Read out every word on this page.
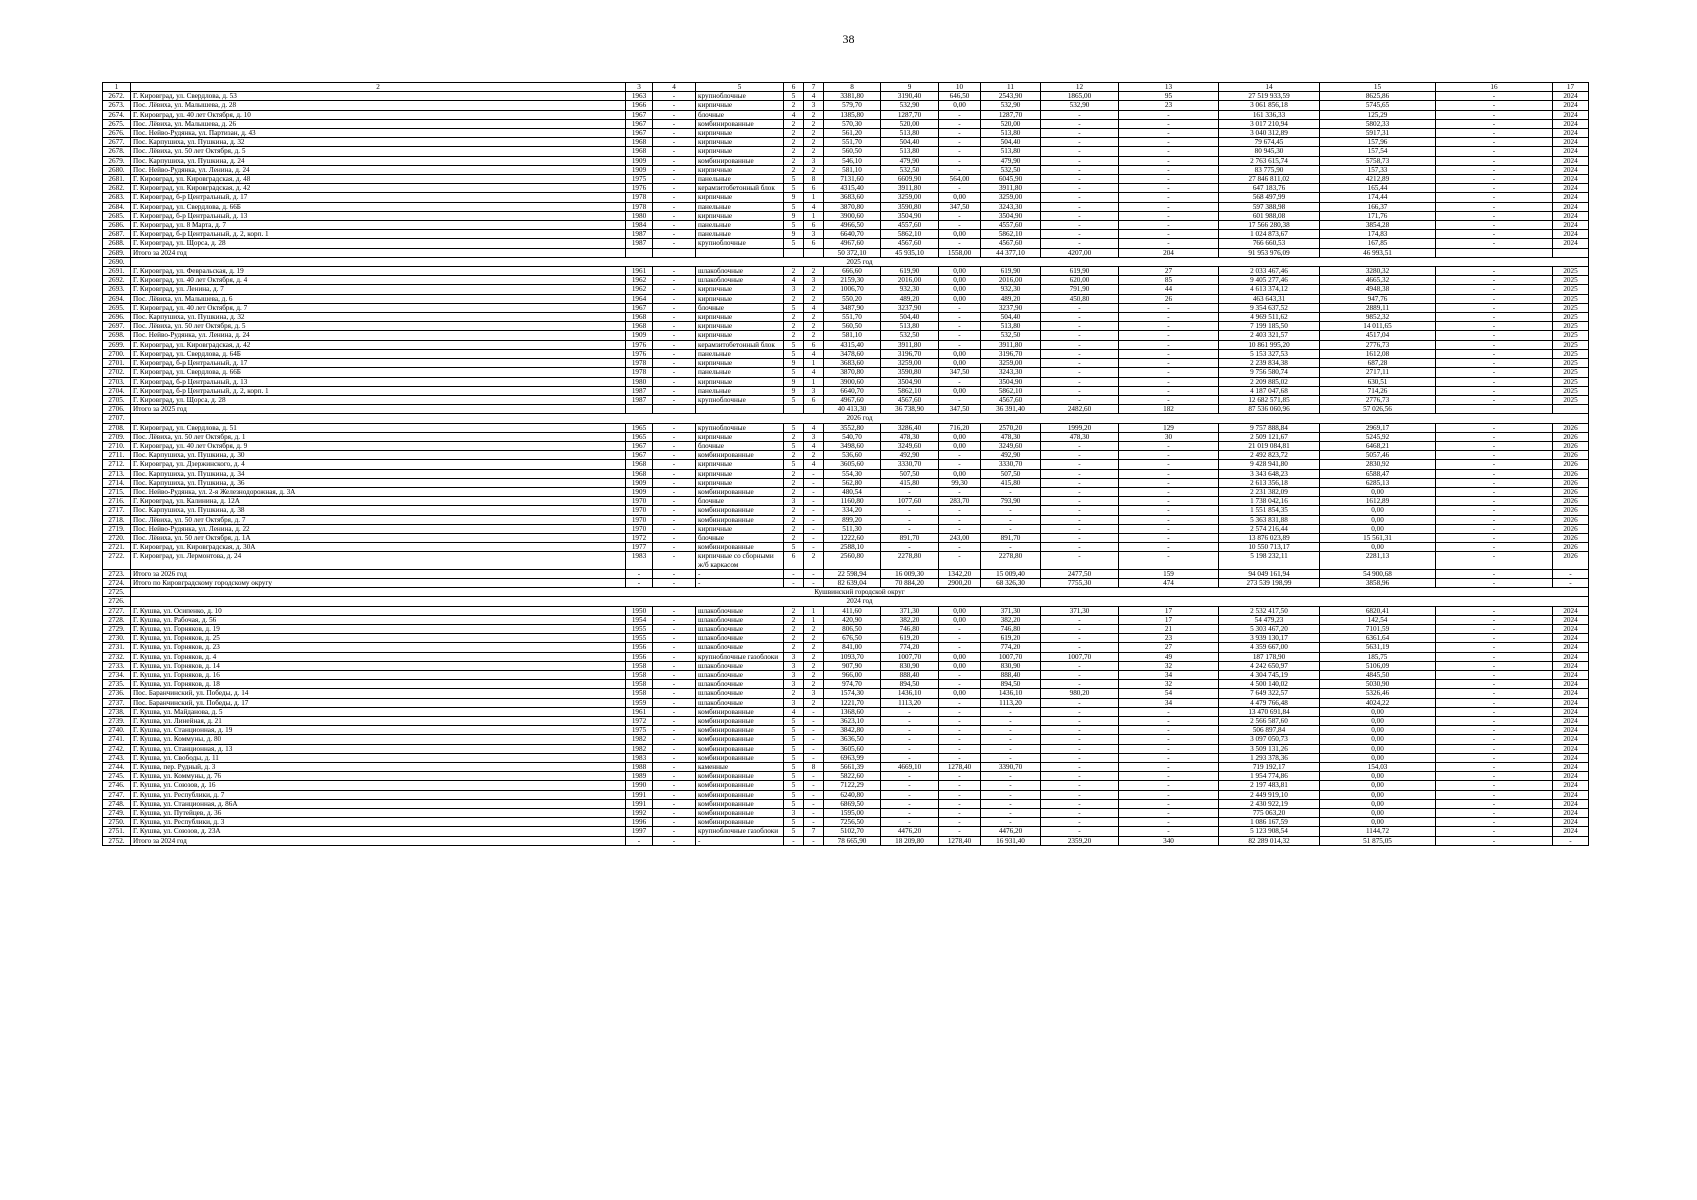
38
1	2	3	4	5	6	7	8	9	10	11	12	13	14	15	16	17
2672.	Г. Кировград, ул. Свердлова, д. 53	1963	-	крупноблочные	5	4	3381,80	3190,40	646,50	2543,90	1865,00	95	27 519 933,59	8625,86	-	2024
2673.	Пос. Лёвиха, ул. Малышева, д. 28	1966	-	кирпичные	2	3	579,70	532,90	0,00	532,90	532,90	23	3 061 856,18	5745,65	-	2024
2674.	Г. Кировград, ул. 40 лет Октября, д. 10	1967	-	блочные	4	2	1385,80	1287,70	-	1287,70	-	-	161 336,33	125,29	-	2024
2675.	Пос. Лёвиха, ул. Малышева, д. 26	1967	-	комбинированные	2	2	570,30	520,00	-	520,00	-	-	3 017 210,94	5802,33	-	2024
2676.	Пос. Нейво-Рудянка, ул. Партизан, д. 43	1967	-	кирпичные	2	2	561,20	513,80	-	513,80	-	-	3 040 312,89	5917,31	-	2024
2677.	Пос. Карпушиха, ул. Пушкина, д. 32	1968	-	кирпичные	2	2	551,70	504,40	-	504,40	-	-	79 674,45	157,96	-	2024
2678.	Пос. Лёвиха, ул. 50 лет Октября, д. 5	1968	-	кирпичные	2	2	560,50	513,80	-	513,80	-	-	80 945,30	157,54	-	2024
2679.	Пос. Карпушиха, ул. Пушкина, д. 24	1909	-	комбинированные	2	3	546,10	479,90	-	479,90	-	-	2 763 615,74	5758,73	-	2024
2680.	Пос. Нейво-Рудянка, ул. Ленина, д. 24	1909	-	кирпичные	2	2	581,10	532,50	-	532,50	-	-	83 775,90	157,33	-	2024
2681.	Г. Кировград, ул. Кировградская, д. 48	1975	-	панельные	5	8	7131,60	6609,90	564,00	6045,90	-	-	27 846 811,02	4212,89	-	2024
2682.	Г. Кировград, ул. Кировградская, д. 42	1976	-	керамзитобетонный блок	5	6	4315,40	3911,80	-	3911,80	-	-	647 183,76	165,44	-	2024
2683.	Г. Кировград, б-р Центральный, д. 17	1978	-	кирпичные	9	1	3683,60	3259,00	0,00	3259,00	-	-	568 497,99	174,44	-	2024
2684.	Г. Кировград, ул. Свердлова, д. 66Б	1978	-	панельные	5	4	3870,80	3590,80	347,50	3243,30	-	-	597 388,98	166,37	-	2024
2685.	Г. Кировград, б-р Центральный, д. 13	1980	-	кирпичные	9	1	3900,60	3504,90	-	3504,90	-	-	601 988,08	171,76	-	2024
2686.	Г. Кировград, ул. 8 Марта, д. 7	1984	-	панельные	5	6	4966,50	4557,60	-	4557,60	-	-	17 566 280,38	3854,28	-	2024
2687.	Г. Кировград, б-р Центральный, д. 2, корп. 1	1987	-	панельные	9	3	6640,70	5862,10	0,00	5862,10	-	-	1 024 873,67	174,83	-	2024
2688.	Г. Кировград, ул. Щорса, д. 28	1987	-	крупноблочные	5	6	4967,60	4567,60	-	4567,60	-	-	766 660,53	167,85	-	2024
2689.	Итого за 2024 год						50 372,10	45 935,10	1558,00	44 377,10	4207,00	204	91 953 976,09	46 993,51		
2690.	2025 год															
2691.	Г. Кировград, ул. Февральская, д. 19	1961	-	шлакоблочные	2	2	666,60	619,90	0,00	619,90	619,90	27	2 033 467,46	3280,32	-	2025
2692.	Г. Кировград, ул. 40 лет Октября, д. 4	1962	-	шлакоблочные	4	3	2159,30	2016,00	0,00	2016,00	620,00	85	9 405 277,46	4665,32	-	2025
2693.	Г. Кировград, ул. Ленина, д. 7	1962	-	кирпичные	3	2	1006,70	932,30	0,00	932,30	791,90	44	4 613 374,12	4948,38	-	2025
2694.	Пос. Лёвиха, ул. Малышева, д. 6	1964	-	кирпичные	2	2	550,20	489,20	0,00	489,20	450,80	26	463 643,31	947,76	-	2025
2695.	Г. Кировград, ул. 40 лет Октября, д. 7	1967	-	блочные	5	4	3487,90	3237,90	-	3237,90	-	-	9 354 637,52	2889,11	-	2025
2696.	Пос. Карпушиха, ул. Пушкина, д. 32	1968	-	кирпичные	2	2	551,70	504,40	-	504,40	-	-	4 969 511,62	9852,32	-	2025
2697.	Пос. Лёвиха, ул. 50 лет Октября, д. 5	1968	-	кирпичные	2	2	560,50	513,80	-	513,80	-	-	7 199 185,50	14 011,65	-	2025
2698.	Пос. Нейво-Рудянка, ул. Ленина, д. 24	1909	-	кирпичные	2	2	581,10	532,50	-	532,50	-	-	2 403 321,57	4517,04	-	2025
2699.	Г. Кировград, ул. Кировградская, д. 42	1976	-	керамзитобетонный блок	5	6	4315,40	3911,80	-	3911,80	-	-	10 861 995,20	2776,73	-	2025
2700.	Г. Кировград, ул. Свердлова, д. 64Б	1976	-	панельные	5	4	3478,60	3196,70	0,00	3196,70	-	-	5 153 327,53	1612,08	-	2025
2701.	Г. Кировград, б-р Центральный, д. 17	1978	-	кирпичные	9	1	3683,60	3259,00	0,00	3259,00	-	-	2 239 834,38	687,28	-	2025
2702.	Г. Кировград, ул. Свердлова, д. 66Б	1978	-	панельные	5	4	3870,80	3590,80	347,50	3243,30	-	-	9 756 580,74	2717,11	-	2025
2703.	Г. Кировград, б-р Центральный, д. 13	1980	-	кирпичные	9	1	3900,60	3504,90	-	3504,90	-	-	2 209 885,02	630,51	-	2025
2704.	Г. Кировград, б-р Центральный, д. 2, корп. 1	1987	-	панельные	9	3	6640,70	5862,10	0,00	5862,10	-	-	4 187 047,68	714,26	-	2025
2705.	Г. Кировград, ул. Щорса, д. 28	1987	-	крупноблочные	5	6	4967,60	4567,60	-	4567,60	-	-	12 682 571,85	2776,73	-	2025
2706.	Итого за 2025 год						40 413,30	36 738,90	347,50	36 391,40	2482,60	182	87 536 060,96	57 026,56		
2707.	2026 год															
2708.	Г. Кировград, ул. Свердлова, д. 51	1965	-	крупноблочные	5	4	3552,80	3286,40	716,20	2570,20	1999,20	129	9 757 888,84	2969,17	-	2026
2709.	Пос. Лёвиха, ул. 50 лет Октября, д. 1	1965	-	кирпичные	2	3	540,70	478,30	0,00	478,30	478,30	30	2 509 121,67	5245,92	-	2026
2710.	Г. Кировград, ул. 40 лет Октября, д. 9	1967	-	блочные	5	4	3498,60	3249,60	0,00	3249,60	-	-	21 019 084,81	6468,21	-	2026
2711.	Пос. Карпушиха, ул. Пушкина, д. 30	1967	-	комбинированные	2	2	536,60	492,90	-	492,90	-	-	2 492 823,72	5057,46	-	2026
2712.	Г. Кировград, ул. Дзержинского, д. 4	1968	-	кирпичные	5	4	3605,60	3330,70	-	3330,70	-	-	9 428 941,80	2830,92	-	2026
2713.	Пос. Карпушиха, ул. Пушкина, д. 34	1968	-	кирпичные	2	-	554,30	507,50	0,00	507,50	-	-	3 343 648,23	6588,47	-	2026
2714.	Пос. Карпушиха, ул. Пушкина, д. 36	1909	-	кирпичные	2	-	562,80	415,80	99,30	415,80	-	-	2 613 356,18	6285,13	-	2026
2715.	Пос. Нейво-Рудянка, ул. 2-я Железнодорожная, д. 3А	1909	-	комбинированные	2	-	480,54	-	-	-	-	-	2 231 382,09	0,00	-	2026
2716.	Г. Кировград, ул. Калинина, д. 12А	1970	-	блочные	3	-	1160,80	1077,60	283,70	793,90	-	-	1 738 042,16	1612,89	-	2026
2717.	Пос. Карпушиха, ул. Пушкина, д. 38	1970	-	комбинированные	2	-	334,20	-	-	-	-	-	1 551 854,35	0,00	-	2026
2718.	Пос. Лёвиха, ул. 50 лет Октября, д. 7	1970	-	комбинированные	2	-	899,20	-	-	-	-	-	5 363 831,88	0,00	-	2026
2719.	Пос. Нейво-Рудянка, ул. Ленина, д. 22	1970	-	кирпичные	2	-	511,30	-	-	-	-	-	2 574 216,44	0,00	-	2026
2720.	Пос. Лёвиха, ул. 50 лет Октября, д. 1А	1972	-	блочные	2	-	1222,60	891,70	243,00	891,70	-	-	13 876 023,89	15 561,31	-	2026
2721.	Г. Кировград, ул. Кировградская, д. 30А	1977	-	комбинированные	5	-	2588,10	-	-	-	-	-	10 550 713,17	0,00	-	2026
2722.	Г. Кировград, ул. Лермонтова, д. 24	1983	-	кирпичные со сборными ж/б каркасом	6	2	2560,80	2278,80	-	2278,80	-	-	5 198 232,11	2281,13	-	2026
2723.	Итого за 2026 год	-	-	-	-	-	22 598,94	16 009,30	1342,20	15 009,40	2477,50	159	94 049 161,94	54 900,68	-	-
2724.	Итого по Кировградскому городскому округу	-	-	-	-	-	82 639,04	70 884,20	2900,20	68 326,30	7755,30	474	273 539 198,99	3858,96	-	-
2725.	Кушвинский городской округ															
2726.	2024 год															
2727.	Г. Кушва, ул. Осипенко, д. 10	1950	-	шлакоблочные	2	1	411,60	371,30	0,00	371,30	371,30	17	2 532 417,50	6820,41	-	2024
2728.	Г. Кушва, ул. Рабочая, д. 56	1954	-	шлакоблочные	2	1	420,90	382,20	0,00	382,20	-	17	54 479,23	142,54	-	2024
2729.	Г. Кушва, ул. Горняков, д. 19	1955	-	шлакоблочные	2	2	806,50	746,80	-	746,80	-	21	5 303 467,20	7101,59	-	2024
2730.	Г. Кушва, ул. Горняков, д. 25	1955	-	шлакоблочные	2	2	676,50	619,20	-	619,20	-	23	3 939 130,17	6361,64	-	2024
2731.	Г. Кушва, ул. Горняков, д. 23	1956	-	шлакоблочные	2	2	841,00	774,20	-	774,20	-	27	4 359 667,00	5631,19	-	2024
2732.	Г. Кушва, ул. Горняков, д. 4	1956	-	крупноблочные газоблоки	3	2	1093,70	1007,70	0,00	1007,70	1007,70	49	187 178,90	185,75	-	2024
2733.	Г. Кушва, ул. Горняков, д. 14	1958	-	шлакоблочные	3	2	907,90	830,90	0,00	830,90	-	32	4 242 650,97	5106,09	-	2024
2734.	Г. Кушва, ул. Горняков, д. 16	1958	-	шлакоблочные	3	2	966,00	888,40	-	888,40	-	34	4 304 745,19	4845,50	-	2024
2735.	Г. Кушва, ул. Горняков, д. 18	1958	-	шлакоблочные	3	2	974,70	894,50	-	894,50	-	32	4 500 140,02	5030,90	-	2024
2736.	Пос. Баранчинский, ул. Победы, д. 14	1958	-	шлакоблочные	2	3	1574,30	1436,10	0,00	1436,10	980,20	54	7 649 322,57	5326,46	-	2024
2737.	Пос. Баранчинский, ул. Победы, д. 17	1959	-	шлакоблочные	3	2	1221,70	1113,20	-	1113,20	-	34	4 479 766,48	4024,22	-	2024
2738.	Г. Кушва, ул. Майданова, д. 5	1961	-	комбинированные	4	-	1368,60	-	-	-	-	-	13 470 691,84	0,00	-	2024
2739.	Г. Кушва, ул. Линейная, д. 21	1972	-	комбинированные	5	-	3623,10	-	-	-	-	-	2 566 587,60	0,00	-	2024
2740.	Г. Кушва, ул. Станционная, д. 19	1975	-	комбинированные	5	-	3842,80	-	-	-	-	-	506 897,84	0,00	-	2024
2741.	Г. Кушва, ул. Коммуны, д. 80	1982	-	комбинированные	5	-	3636,50	-	-	-	-	-	3 097 050,73	0,00	-	2024
2742.	Г. Кушва, ул. Станционная, д. 13	1982	-	комбинированные	5	-	3605,60	-	-	-	-	-	3 509 131,26	0,00	-	2024
2743.	Г. Кушва, ул. Свободы, д. 11	1983	-	комбинированные	5	-	6963,99	-	-	-	-	-	1 293 378,36	0,00	-	2024
2744.	Г. Кушва, пер. Рудный, д. 3	1988	-	каменные	5	8	5661,39	4669,10	1278,40	3390,70	-	-	719 192,17	154,03	-	2024
2745.	Г. Кушва, ул. Коммуны, д. 76	1989	-	комбинированные	5	-	5822,60	-	-	-	-	-	1 954 774,86	0,00	-	2024
2746.	Г. Кушва, ул. Союзов, д. 16	1990	-	комбинированные	5	-	7122,29	-	-	-	-	-	2 197 483,81	0,00	-	2024
2747.	Г. Кушва, ул. Республики, д. 7	1991	-	комбинированные	5	-	6240,80	-	-	-	-	-	2 449 919,10	0,00	-	2024
2748.	Г. Кушва, ул. Станционная, д. 86А	1991	-	комбинированные	5	-	6869,50	-	-	-	-	-	2 430 922,19	0,00	-	2024
2749.	Г. Кушва, ул. Путейцев, д. 36	1992	-	комбинированные	3	-	1595,00	-	-	-	-	-	775 063,20	0,00	-	2024
2750.	Г. Кушва, ул. Республики, д. 3	1996	-	комбинированные	5	-	7256,50	-	-	-	-	-	1 086 167,59	0,00	-	2024
2751.	Г. Кушва, ул. Союзов, д. 23А	1997	-	крупноблочные газоблоки	5	7	5102,70	4476,20	-	4476,20	-	-	5 123 908,54	1144,72	-	2024
2752.	Итого за 2024 год	-	-	-	-	-	78 665,90	18 209,80	1278,40	16 931,40	2359,20	340	82 289 014,32	51 875,05	-	-
